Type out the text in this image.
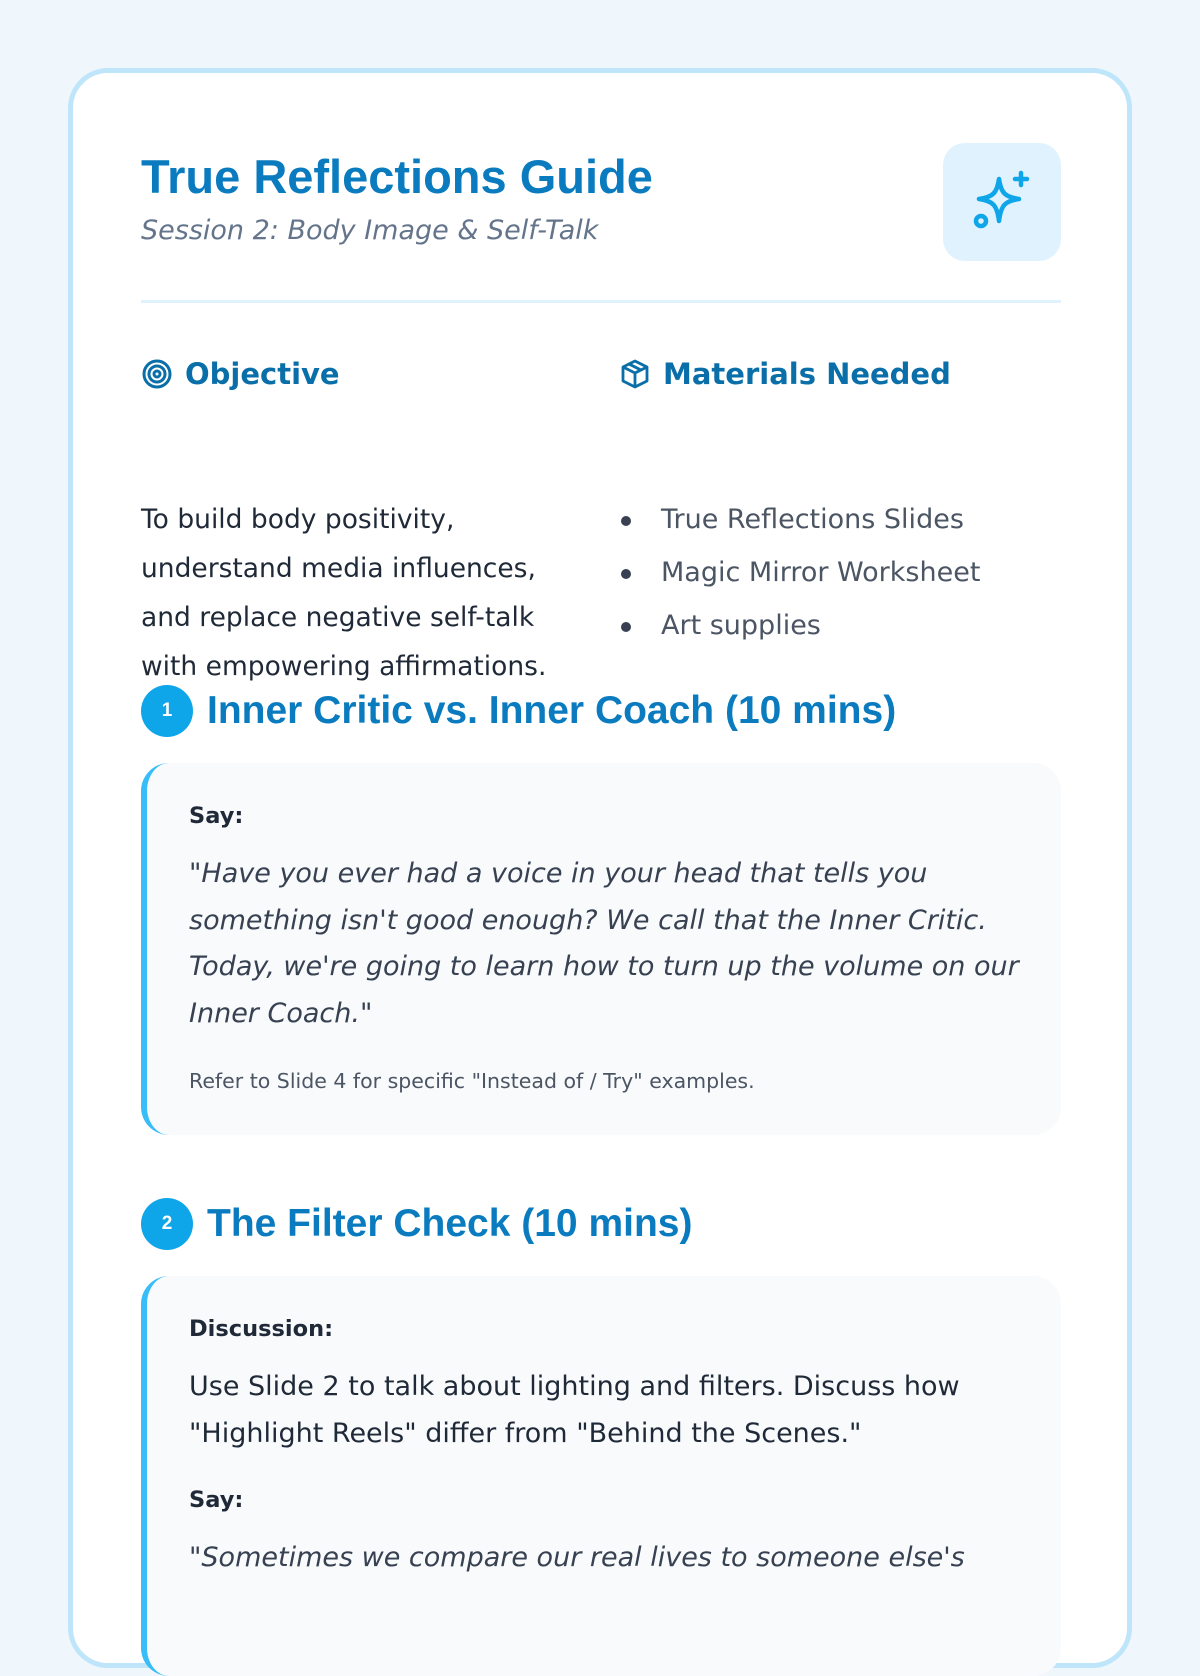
True Reflections Guide
Session 2: Body Image & Self-Talk
Objective
To build body positivity, understand media influences, and replace negative self-talk with empowering affirmations.
Materials Needed
True Reflections Slides
Magic Mirror Worksheet
Art supplies
1 Inner Critic vs. Inner Coach (10 mins)
Say:
"Have you ever had a voice in your head that tells you something isn't good enough? We call that the Inner Critic. Today, we're going to learn how to turn up the volume on our Inner Coach."
Refer to Slide 4 for specific "Instead of / Try" examples.
2 The Filter Check (10 mins)
Discussion:
Use Slide 2 to talk about lighting and filters. Discuss how "Highlight Reels" differ from "Behind the Scenes."
Say:
"Sometimes we compare our real lives to someone else's
